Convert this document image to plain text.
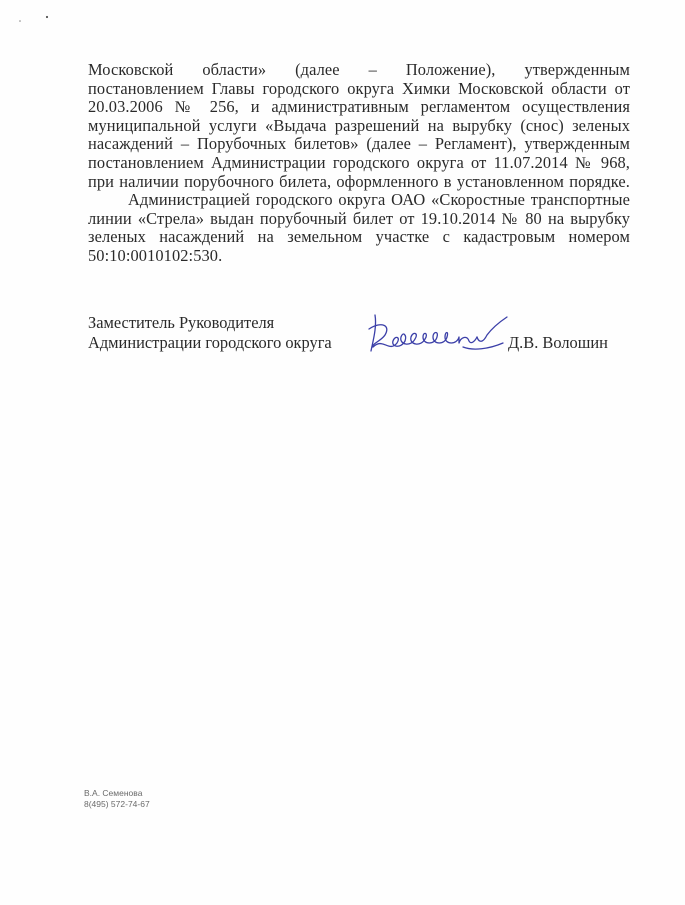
Московской области» (далее – Положение), утвержденным
постановлением Главы городского округа Химки Московской области от
20.03.2006 № 256, и административным регламентом осуществления
муниципальной услуги «Выдача разрешений на вырубку (снос) зеленых
насаждений – Порубочных билетов» (далее – Регламент), утвержденным
постановлением Администрации городского округа от 11.07.2014 № 968,
при наличии порубочного билета, оформленного в установленном порядке.

Администрацией городского округа ОАО «Скоростные транспортные
линии «Стрела» выдан порубочный билет от 19.10.2014 № 80 на вырубку
зеленых насаждений на земельном участке с кадастровым номером
50:10:0010102:530.

Заместитель Руководителя
Администрации городского округа	Д.В. Волошин
В.А. Семенова
8(495) 572-74-67
